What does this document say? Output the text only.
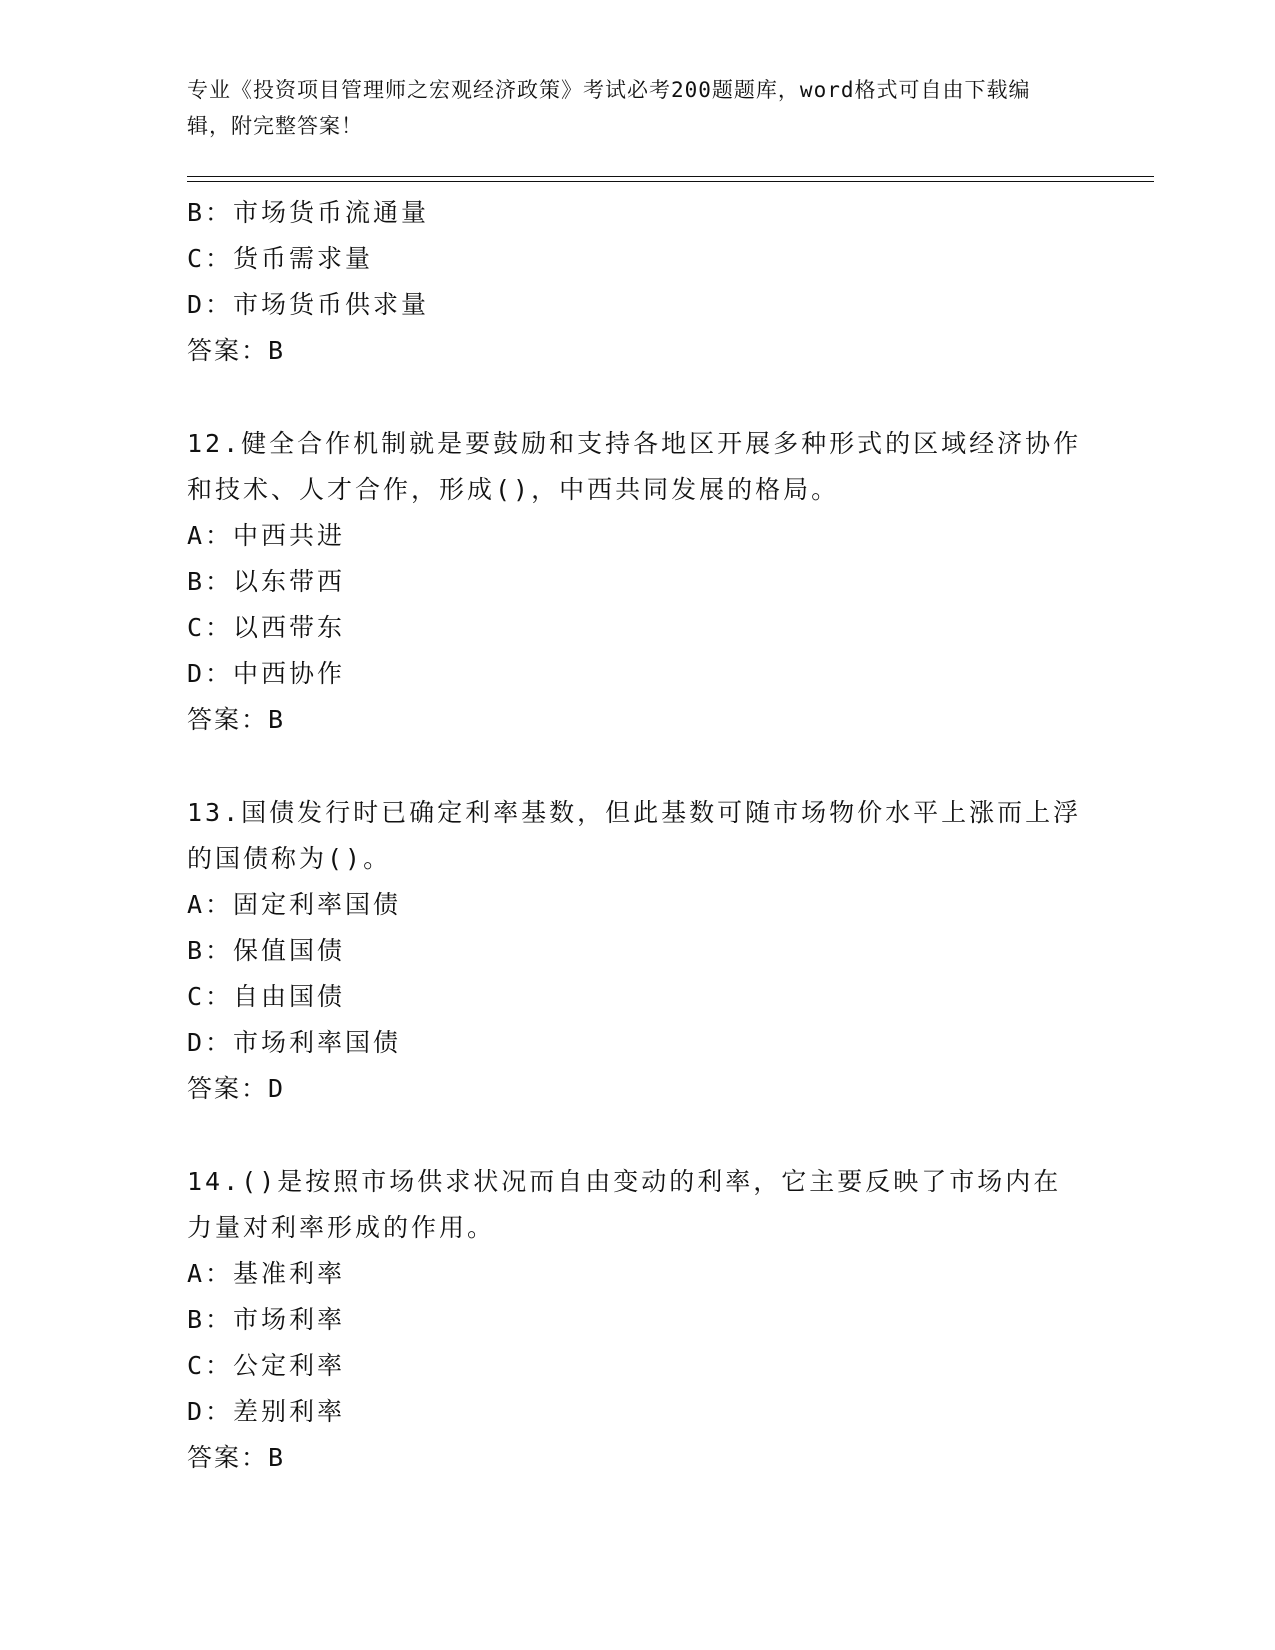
专业《投资项目管理师之宏观经济政策》考试必考200题题库，word格式可自由下载编辑，附完整答案！
B：市场货币流通量
C：货币需求量
D：市场货币供求量
答案：B
12.健全合作机制就是要鼓励和支持各地区开展多种形式的区域经济协作和技术、人才合作，形成()，中西共同发展的格局。
A：中西共进
B：以东带西
C：以西带东
D：中西协作
答案：B
13.国债发行时已确定利率基数，但此基数可随市场物价水平上涨而上浮的国债称为()。
A：固定利率国债
B：保值国债
C：自由国债
D：市场利率国债
答案：D
14.()是按照市场供求状况而自由变动的利率，它主要反映了市场内在力量对利率形成的作用。
A：基准利率
B：市场利率
C：公定利率
D：差别利率
答案：B
